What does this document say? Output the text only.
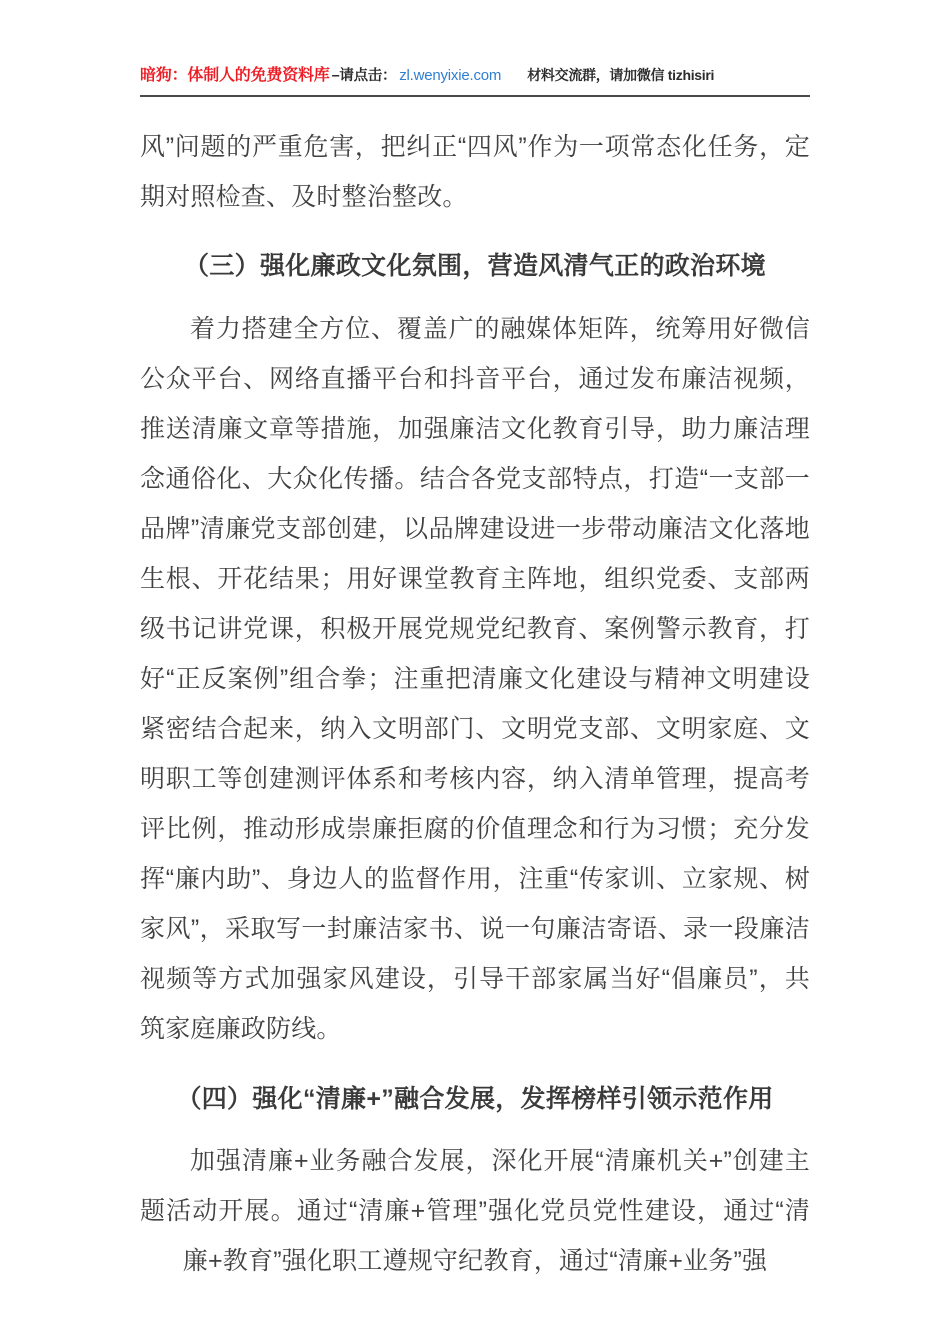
暗狗：体制人的免费资料库 –请点击： zl.wenyixie.com 材料交流群，请加微信 tizhisiri

风”问题的严重危害，把纠正“四风”作为一项常态化任务，定期对照检查、及时整治整改。

（三）强化廉政文化氛围，营造风清气正的政治环境

着力搭建全方位、覆盖广的融媒体矩阵，统筹用好微信公众平台、网络直播平台和抖音平台，通过发布廉洁视频，推送清廉文章等措施，加强廉洁文化教育引导，助力廉洁理念通俗化、大众化传播。结合各党支部特点，打造“一支部一品牌”清廉党支部创建，以品牌建设进一步带动廉洁文化落地生根、开花结果；用好课堂教育主阵地，组织党委、支部两级书记讲党课，积极开展党规党纪教育、案例警示教育，打好“正反案例”组合拳；注重把清廉文化建设与精神文明建设紧密结合起来，纳入文明部门、文明党支部、文明家庭、文明职工等创建测评体系和考核内容，纳入清单管理，提高考评比例，推动形成崇廉拒腐的价值理念和行为习惯；充分发挥“廉内助”、身边人的监督作用，注重“传家训、立家规、树家风”，采取写一封廉洁家书、说一句廉洁寄语、录一段廉洁视频等方式加强家风建设，引导干部家属当好“倡廉员”，共筑家庭廉政防线。

（四）强化“清廉+”融合发展，发挥榜样引领示范作用

加强清廉+业务融合发展，深化开展“清廉机关+”创建主题活动开展。通过“清廉+管理”强化党员党性建设，通过“清廉+教育”强化职工遵规守纪教育，通过“清廉+业务”强
